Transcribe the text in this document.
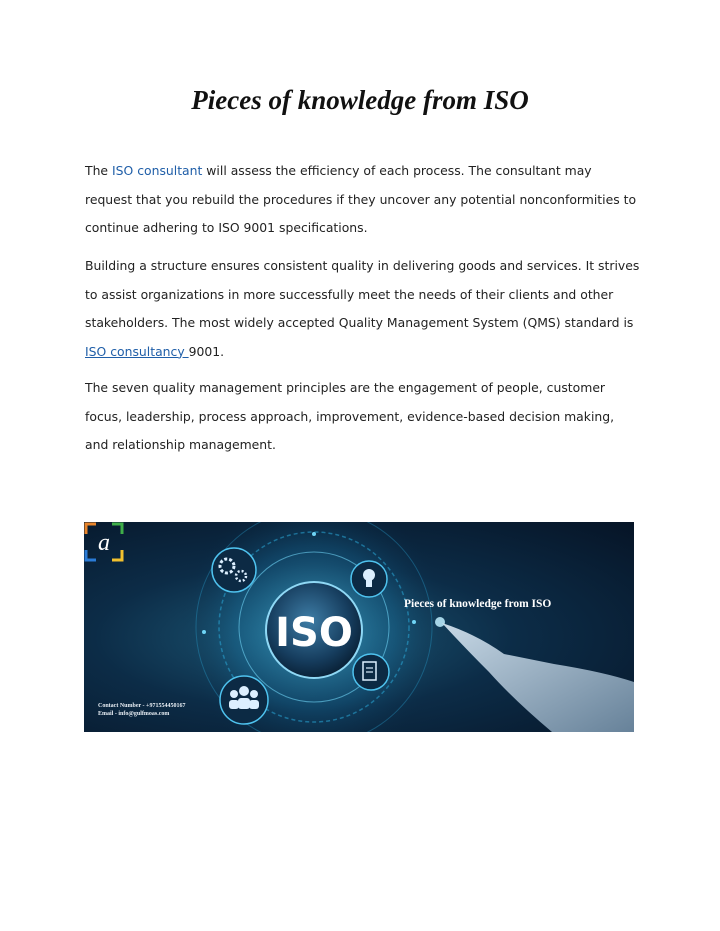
Pieces of knowledge from ISO
The ISO consultant will assess the efficiency of each process. The consultant may request that you rebuild the procedures if they uncover any potential nonconformities to continue adhering to ISO 9001 specifications.
Building a structure ensures consistent quality in delivering goods and services. It strives to assist organizations in more successfully meet the needs of their clients and other stakeholders. The most widely accepted Quality Management System (QMS) standard is ISO consultancy 9001.
The seven quality management principles are the engagement of people, customer focus, leadership, process approach, improvement, evidence-based decision making, and relationship management.
ISO
Pieces of knowledge from ISO
a
Contact Number - +971554450167
Email - info@gulfmoas.com
